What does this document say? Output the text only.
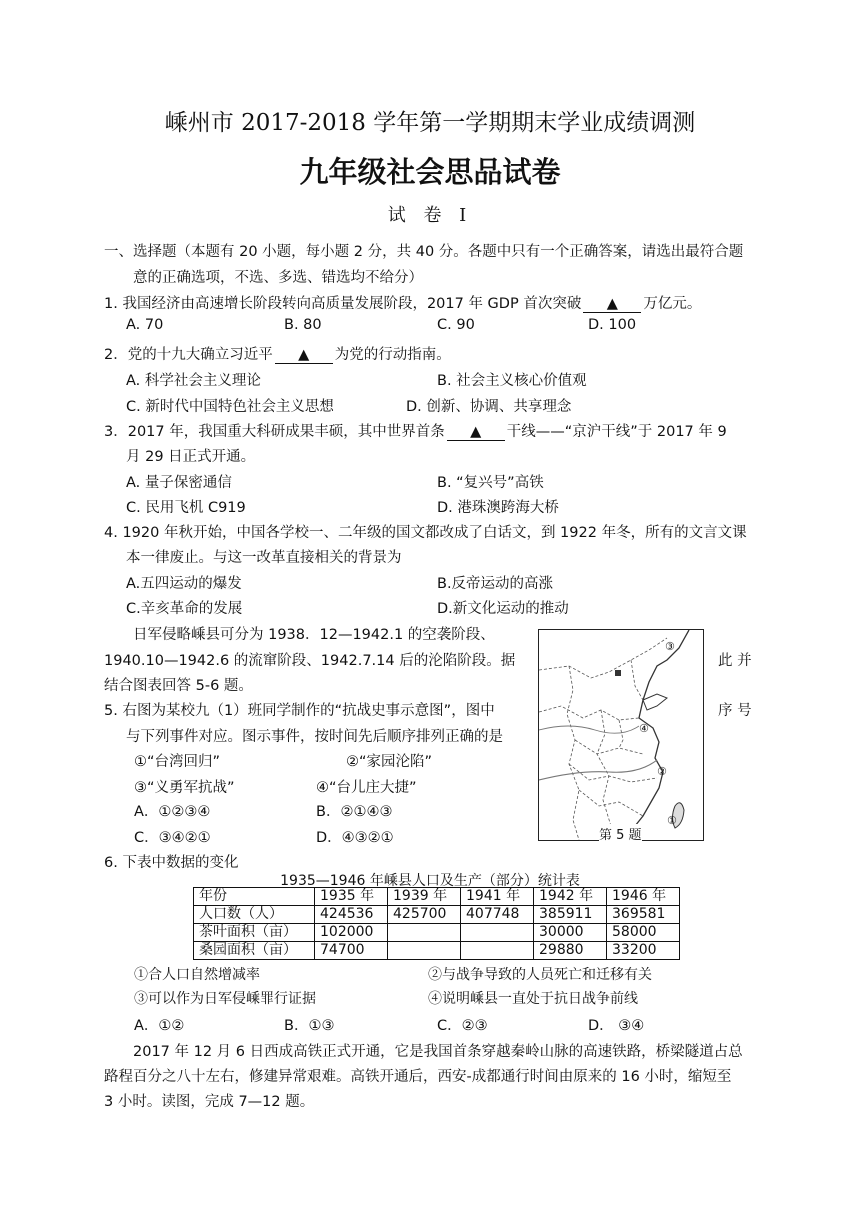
嵊州市 2017-2018 学年第一学期期末学业成绩调测
九年级社会思品试卷
试 卷 I
一、选择题（本题有 20 小题，每小题 2 分，共 40 分。各题中只有一个正确答案，请选出最符合题
意的正确选项，不选、多选、错选均不给分）
1. 我国经济由高速增长阶段转向高质量发展阶段，2017 年 GDP 首次突破 ▲ 万亿元。
A. 70	B. 80	C. 90	D. 100
2．党的十九大确立习近平 ▲ 为党的行动指南。
A. 科学社会主义理论	B. 社会主义核心价值观
C. 新时代中国特色社会主义思想	D. 创新、协调、共享理念
3．2017 年，我国重大科研成果丰硕，其中世界首条 ▲ 干线——“京沪干线”于 2017 年 9
月 29 日正式开通。
A. 量子保密通信	B. “复兴号”高铁
C. 民用飞机 C919	D. 港珠澳跨海大桥
4. 1920 年秋开始，中国各学校一、二年级的国文都改成了白话文，到 1922 年冬，所有的文言文课
本一律废止。与这一改革直接相关的背景为
A.五四运动的爆发	B.反帝运动的高涨
C.辛亥革命的发展	D.新文化运动的推动
日军侵略嵊县可分为 1938．12—1942.1 的空袭阶段、
1940.10—1942.6 的流窜阶段、1942.7.14 后的沦陷阶段。据	此 并
结合图表回答 5-6 题。
5. 右图为某校九（1）班同学制作的“抗战史事示意图”，图中	序 号
与下列事件对应。图示事件，按时间先后顺序排列正确的是
①“台湾回归”	②“家园沦陷”
③“义勇军抗战”	④“台儿庄大捷”
A．①②③④	B．②①④③
C．③④②①	D．④③②①
③
④
②
①
第 5 题
6. 下表中数据的变化
1935—1946 年嵊县人口及生产（部分）统计表
年份	1935 年	1939 年	1941 年	1942 年	1946 年
人口数（人）	424536	425700	407748	385911	369581
茶叶面积（亩）	102000			30000	58000
桑园面积（亩）	74700			29880	33200
①合人口自然增减率	②与战争导致的人员死亡和迁移有关
③可以作为日军侵嵊罪行证据	④说明嵊县一直处于抗日战争前线
A．①②	B．①③	C．②③	D． ③④
2017 年 12 月 6 日西成高铁正式开通，它是我国首条穿越秦岭山脉的高速铁路，桥梁隧道占总
路程百分之八十左右，修建异常艰难。高铁开通后，西安-成都通行时间由原来的 16 小时，缩短至
3 小时。读图，完成 7—12 题。
